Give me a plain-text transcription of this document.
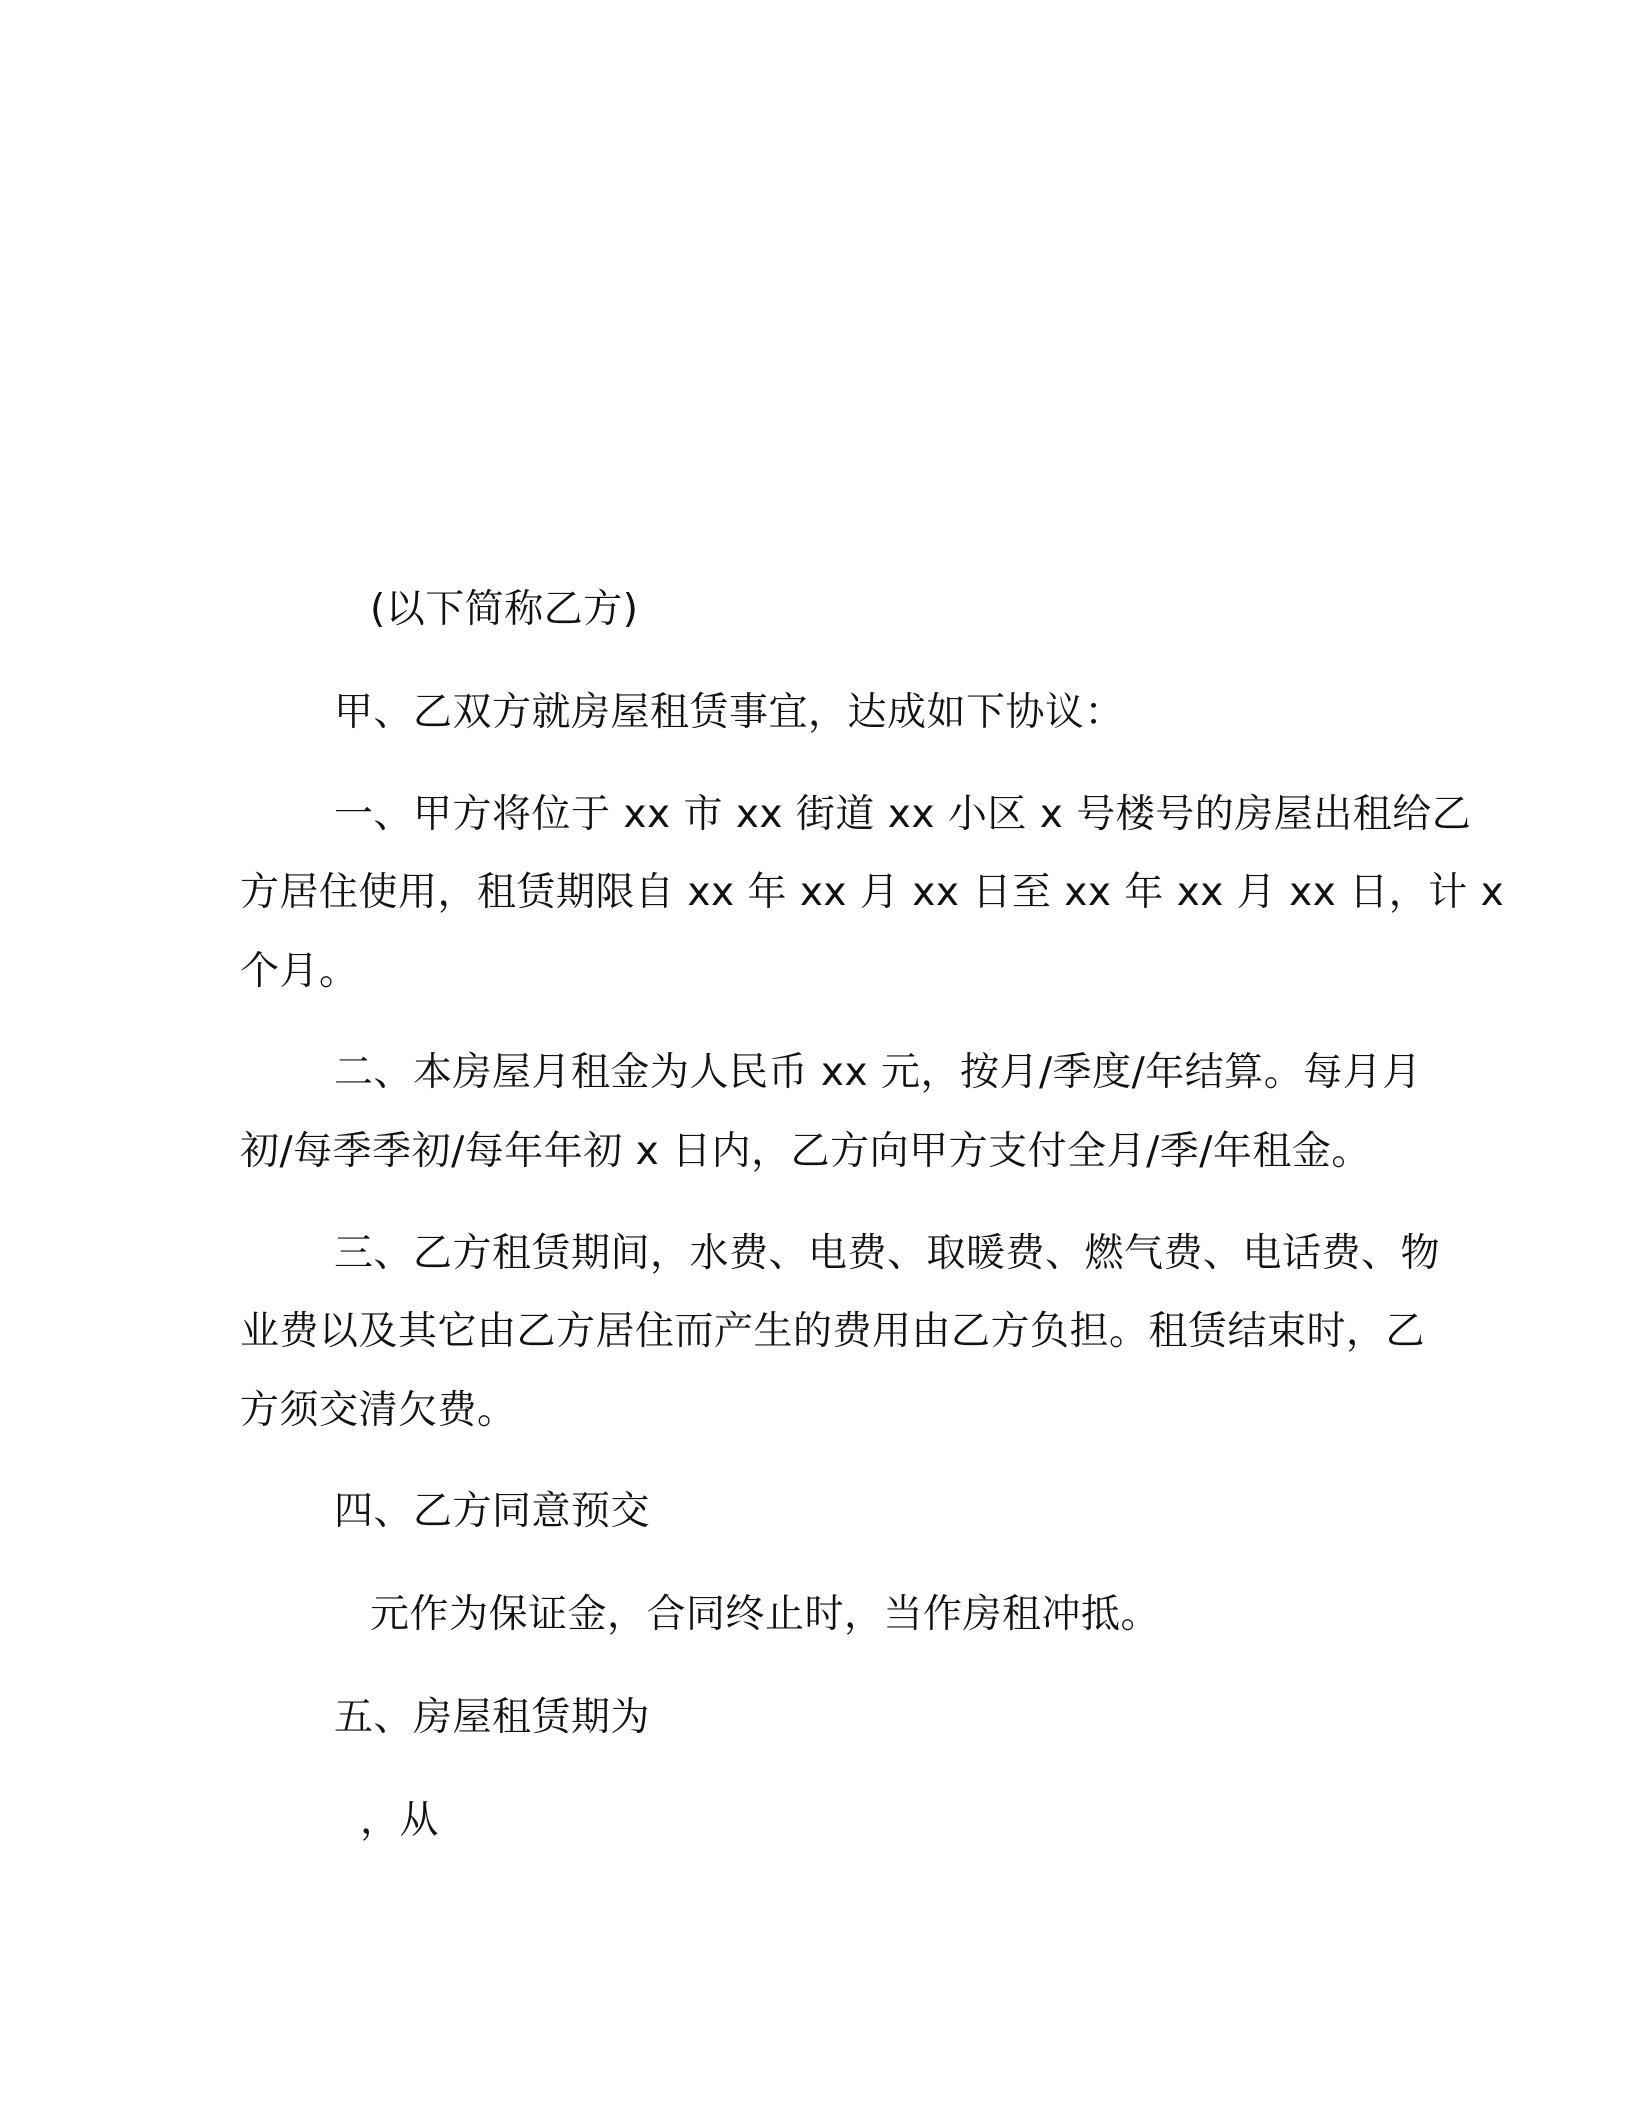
(以下简称乙方)
甲、乙双方就房屋租赁事宜，达成如下协议：
一、甲方将位于 xx 市 xx 街道 xx 小区 x 号楼号的房屋出租给乙
方居住使用，租赁期限自 xx 年 xx 月 xx 日至 xx 年 xx 月 xx 日，计 x
个月。
二、本房屋月租金为人民币 xx 元，按月/季度/年结算。每月月
初/每季季初/每年年初 x 日内，乙方向甲方支付全月/季/年租金。
三、乙方租赁期间，水费、电费、取暖费、燃气费、电话费、物
业费以及其它由乙方居住而产生的费用由乙方负担。租赁结束时，乙
方须交清欠费。
四、乙方同意预交
元作为保证金，合同终止时，当作房租冲抵。
五、房屋租赁期为
，从
